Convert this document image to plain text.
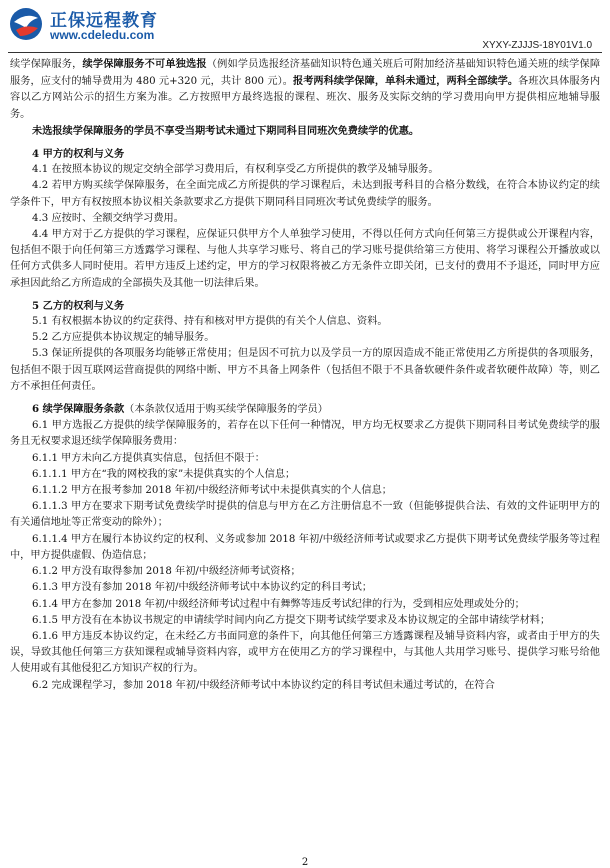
正保远程教育
www.cdeledu.com
XYXY-ZJJJS-18Y01V1.0

续学保障服务，续学保障服务不可单独选报（例如学员选报经济基础知识特色通关班后可附加经济基础知识特色通关班的续学保障服务，应支付的辅导费用为 480 元+320 元，共计 800 元）。报考两科续学保障，单科未通过，两科全部续学。各班次具体服务内容以乙方网站公示的招生方案为准。乙方按照甲方最终选报的课程、班次、服务及实际交纳的学习费用向甲方提供相应地辅导服务。

未选报续学保障服务的学员不享受当期考试未通过下期同科目同班次免费续学的优惠。

4 甲方的权利与义务

4.1 在按照本协议的规定交纳全部学习费用后，有权利享受乙方所提供的教学及辅导服务。

4.2 若甲方购买续学保障服务，在全面完成乙方所提供的学习课程后，未达到报考科目的合格分数线，在符合本协议约定的续学条件下，甲方有权按照本协议相关条款要求乙方提供下期同科目同班次考试免费续学的服务。

4.3 应按时、全额交纳学习费用。

4.4 甲方对于乙方提供的学习课程，应保证只供甲方个人单独学习使用，不得以任何方式向任何第三方提供或公开课程内容，包括但不限于向任何第三方透露学习课程、与他人共享学习账号、将自己的学习账号提供给第三方使用、将学习课程公开播放或以任何方式供多人同时使用。若甲方违反上述约定，甲方的学习权限将被乙方无条件立即关闭，已支付的费用不予退还，同时甲方应承担因此给乙方所造成的全部损失及其他一切法律后果。

5 乙方的权利与义务

5.1 有权根据本协议的约定获得、持有和核对甲方提供的有关个人信息、资料。

5.2 乙方应提供本协议规定的辅导服务。

5.3 保证所提供的各项服务均能够正常使用；但是因不可抗力以及学员一方的原因造成不能正常使用乙方所提供的各项服务，包括但不限于因互联网运营商提供的网络中断、甲方不具备上网条件（包括但不限于不具备软硬件条件或者软硬件故障）等，则乙方不承担任何责任。

6 续学保障服务条款（本条款仅适用于购买续学保障服务的学员）

6.1 甲方选报乙方提供的续学保障服务的，若存在以下任何一种情况，甲方均无权要求乙方提供下期同科目考试免费续学的服务且无权要求退还续学保障服务费用：

6.1.1 甲方未向乙方提供真实信息，包括但不限于：

6.1.1.1 甲方在“我的网校我的家”未提供真实的个人信息；

6.1.1.2 甲方在报考参加 2018 年初/中级经济师考试中未提供真实的个人信息；

6.1.1.3 甲方在要求下期考试免费续学时提供的信息与甲方在乙方注册信息不一致（但能够提供合法、有效的文件证明甲方的有关通信地址等正常变动的除外）；

6.1.1.4 甲方在履行本协议约定的权利、义务或参加 2018 年初/中级经济师考试或要求乙方提供下期考试免费续学服务等过程中，甲方提供虚假、伪造信息；

6.1.2 甲方没有取得参加 2018 年初/中级经济师考试资格；

6.1.3 甲方没有参加 2018 年初/中级经济师考试中本协议约定的科目考试；

6.1.4 甲方在参加 2018 年初/中级经济师考试过程中有舞弊等违反考试纪律的行为，受到相应处理或处分的；

6.1.5 甲方没有在本协议书规定的申请续学时间内向乙方提交下期考试续学要求及本协议规定的全部申请续学材料；

6.1.6 甲方违反本协议约定，在未经乙方书面同意的条件下，向其他任何第三方透露课程及辅导资料内容，或者由于甲方的失误，导致其他任何第三方获知课程或辅导资料内容，或甲方在使用乙方的学习课程中，与其他人共用学习账号、提供学习账号给他人使用或有其他侵犯乙方知识产权的行为。

6.2 完成课程学习，参加 2018 年初/中级经济师考试中本协议约定的科目考试但未通过考试的，在符合

2
